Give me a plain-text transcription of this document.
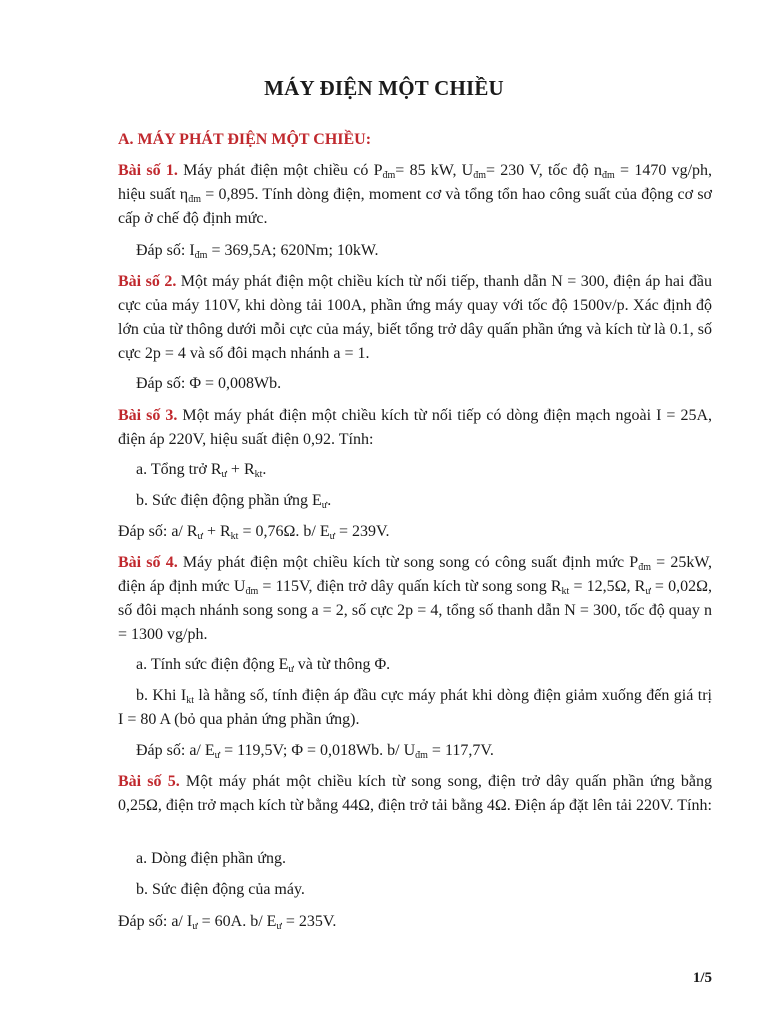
MÁY ĐIỆN MỘT CHIỀU
A. MÁY PHÁT ĐIỆN MỘT CHIỀU:
Bài số 1. Máy phát điện một chiều có $P_{đm}= 85$ kW, $U_{đm}= 230$ V, tốc độ $n_{đm} = 1470$ vg/ph, hiệu suất $\eta_{đm} = 0,895$. Tính dòng điện, moment cơ và tổng tổn hao công suất của động cơ sơ cấp ở chế độ định mức.
Đáp số: $I_{đm} = 369,5A$; 620Nm; 10kW.
Bài số 2. Một máy phát điện một chiều kích từ nối tiếp, thanh dẫn N = 300, điện áp hai đầu cực của máy 110V, khi dòng tải 100A, phần ứng máy quay với tốc độ 1500v/p. Xác định độ lớn của từ thông dưới mỗi cực của máy, biết tổng trở dây quấn phần ứng và kích từ là 0.1, số cực 2p = 4 và số đôi mạch nhánh a = 1.
Đáp số: Φ = 0,008Wb.
Bài số 3. Một máy phát điện một chiều kích từ nối tiếp có dòng điện mạch ngoài I = 25A, điện áp 220V, hiệu suất điện 0,92. Tính:
a. Tổng trở $R_ư + R_{kt}$.
b. Sức điện động phần ứng $E_ư$.
Đáp số: a/ $R_ư + R_{kt} = 0,76\Omega$. b/ $E_ư = 239V$.
Bài số 4. Máy phát điện một chiều kích từ song song có công suất định mức $P_{đm} = 25kW$, điện áp định mức $U_{đm} = 115V$, điện trở dây quấn kích từ song song $R_{kt} = 12,5\Omega$, $R_ư = 0,02\Omega$, số đôi mạch nhánh song song a = 2, số cực 2p = 4, tổng số thanh dẫn N = 300, tốc độ quay n = 1300 vg/ph.
a. Tính sức điện động $E_ư$ và từ thông Φ.
b. Khi $I_{kt}$ là hằng số, tính điện áp đầu cực máy phát khi dòng điện giảm xuống đến giá trị I = 80 A (bỏ qua phản ứng phần ứng).
Đáp số: a/ $E_ư = 119,5V$; Φ = 0,018Wb. b/ $U_{đm} = 117,7V$.
Bài số 5. Một máy phát một chiều kích từ song song, điện trở dây quấn phần ứng bằng 0,25Ω, điện trở mạch kích từ bằng 44Ω, điện trở tải bằng 4Ω. Điện áp đặt lên tải 220V. Tính:
a. Dòng điện phần ứng.
b. Sức điện động của máy.
Đáp số: a/ $I_ư = 60A$. b/ $E_ư = 235V$.
1/5
